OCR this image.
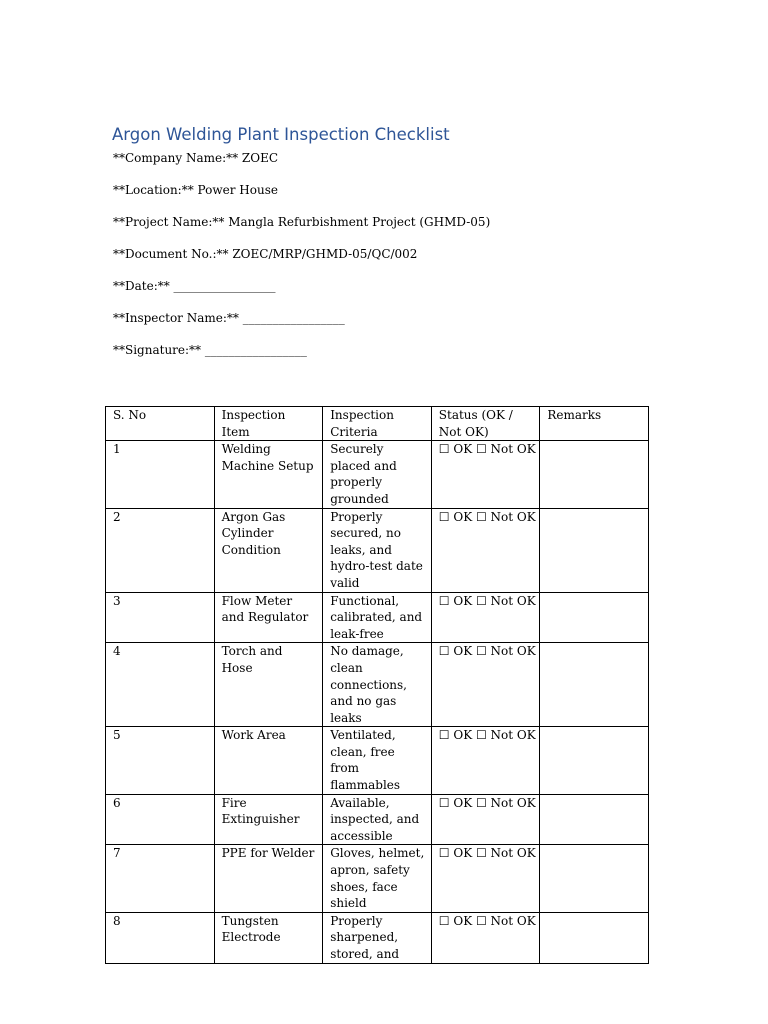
Argon Welding Plant Inspection Checklist

**Company Name:** ZOEC

**Location:** Power House

**Project Name:** Mangla Refurbishment Project (GHMD-05)

**Document No.:** ZOEC/MRP/GHMD-05/QC/002

**Date:** _________________

**Inspector Name:** _________________

**Signature:** _________________

S. No	Inspection Item	Inspection Criteria	Status (OK / Not OK)	Remarks
1	Welding Machine Setup	Securely placed and properly grounded	☐ OK ☐ Not OK	
2	Argon Gas Cylinder Condition	Properly secured, no leaks, and hydro-test date valid	☐ OK ☐ Not OK	
3	Flow Meter and Regulator	Functional, calibrated, and leak-free	☐ OK ☐ Not OK	
4	Torch and Hose	No damage, clean connections, and no gas leaks	☐ OK ☐ Not OK	
5	Work Area	Ventilated, clean, free from flammables	☐ OK ☐ Not OK	
6	Fire Extinguisher	Available, inspected, and accessible	☐ OK ☐ Not OK	
7	PPE for Welder	Gloves, helmet, apron, safety shoes, face shield	☐ OK ☐ Not OK	
8	Tungsten Electrode	Properly sharpened, stored, and	☐ OK ☐ Not OK	
